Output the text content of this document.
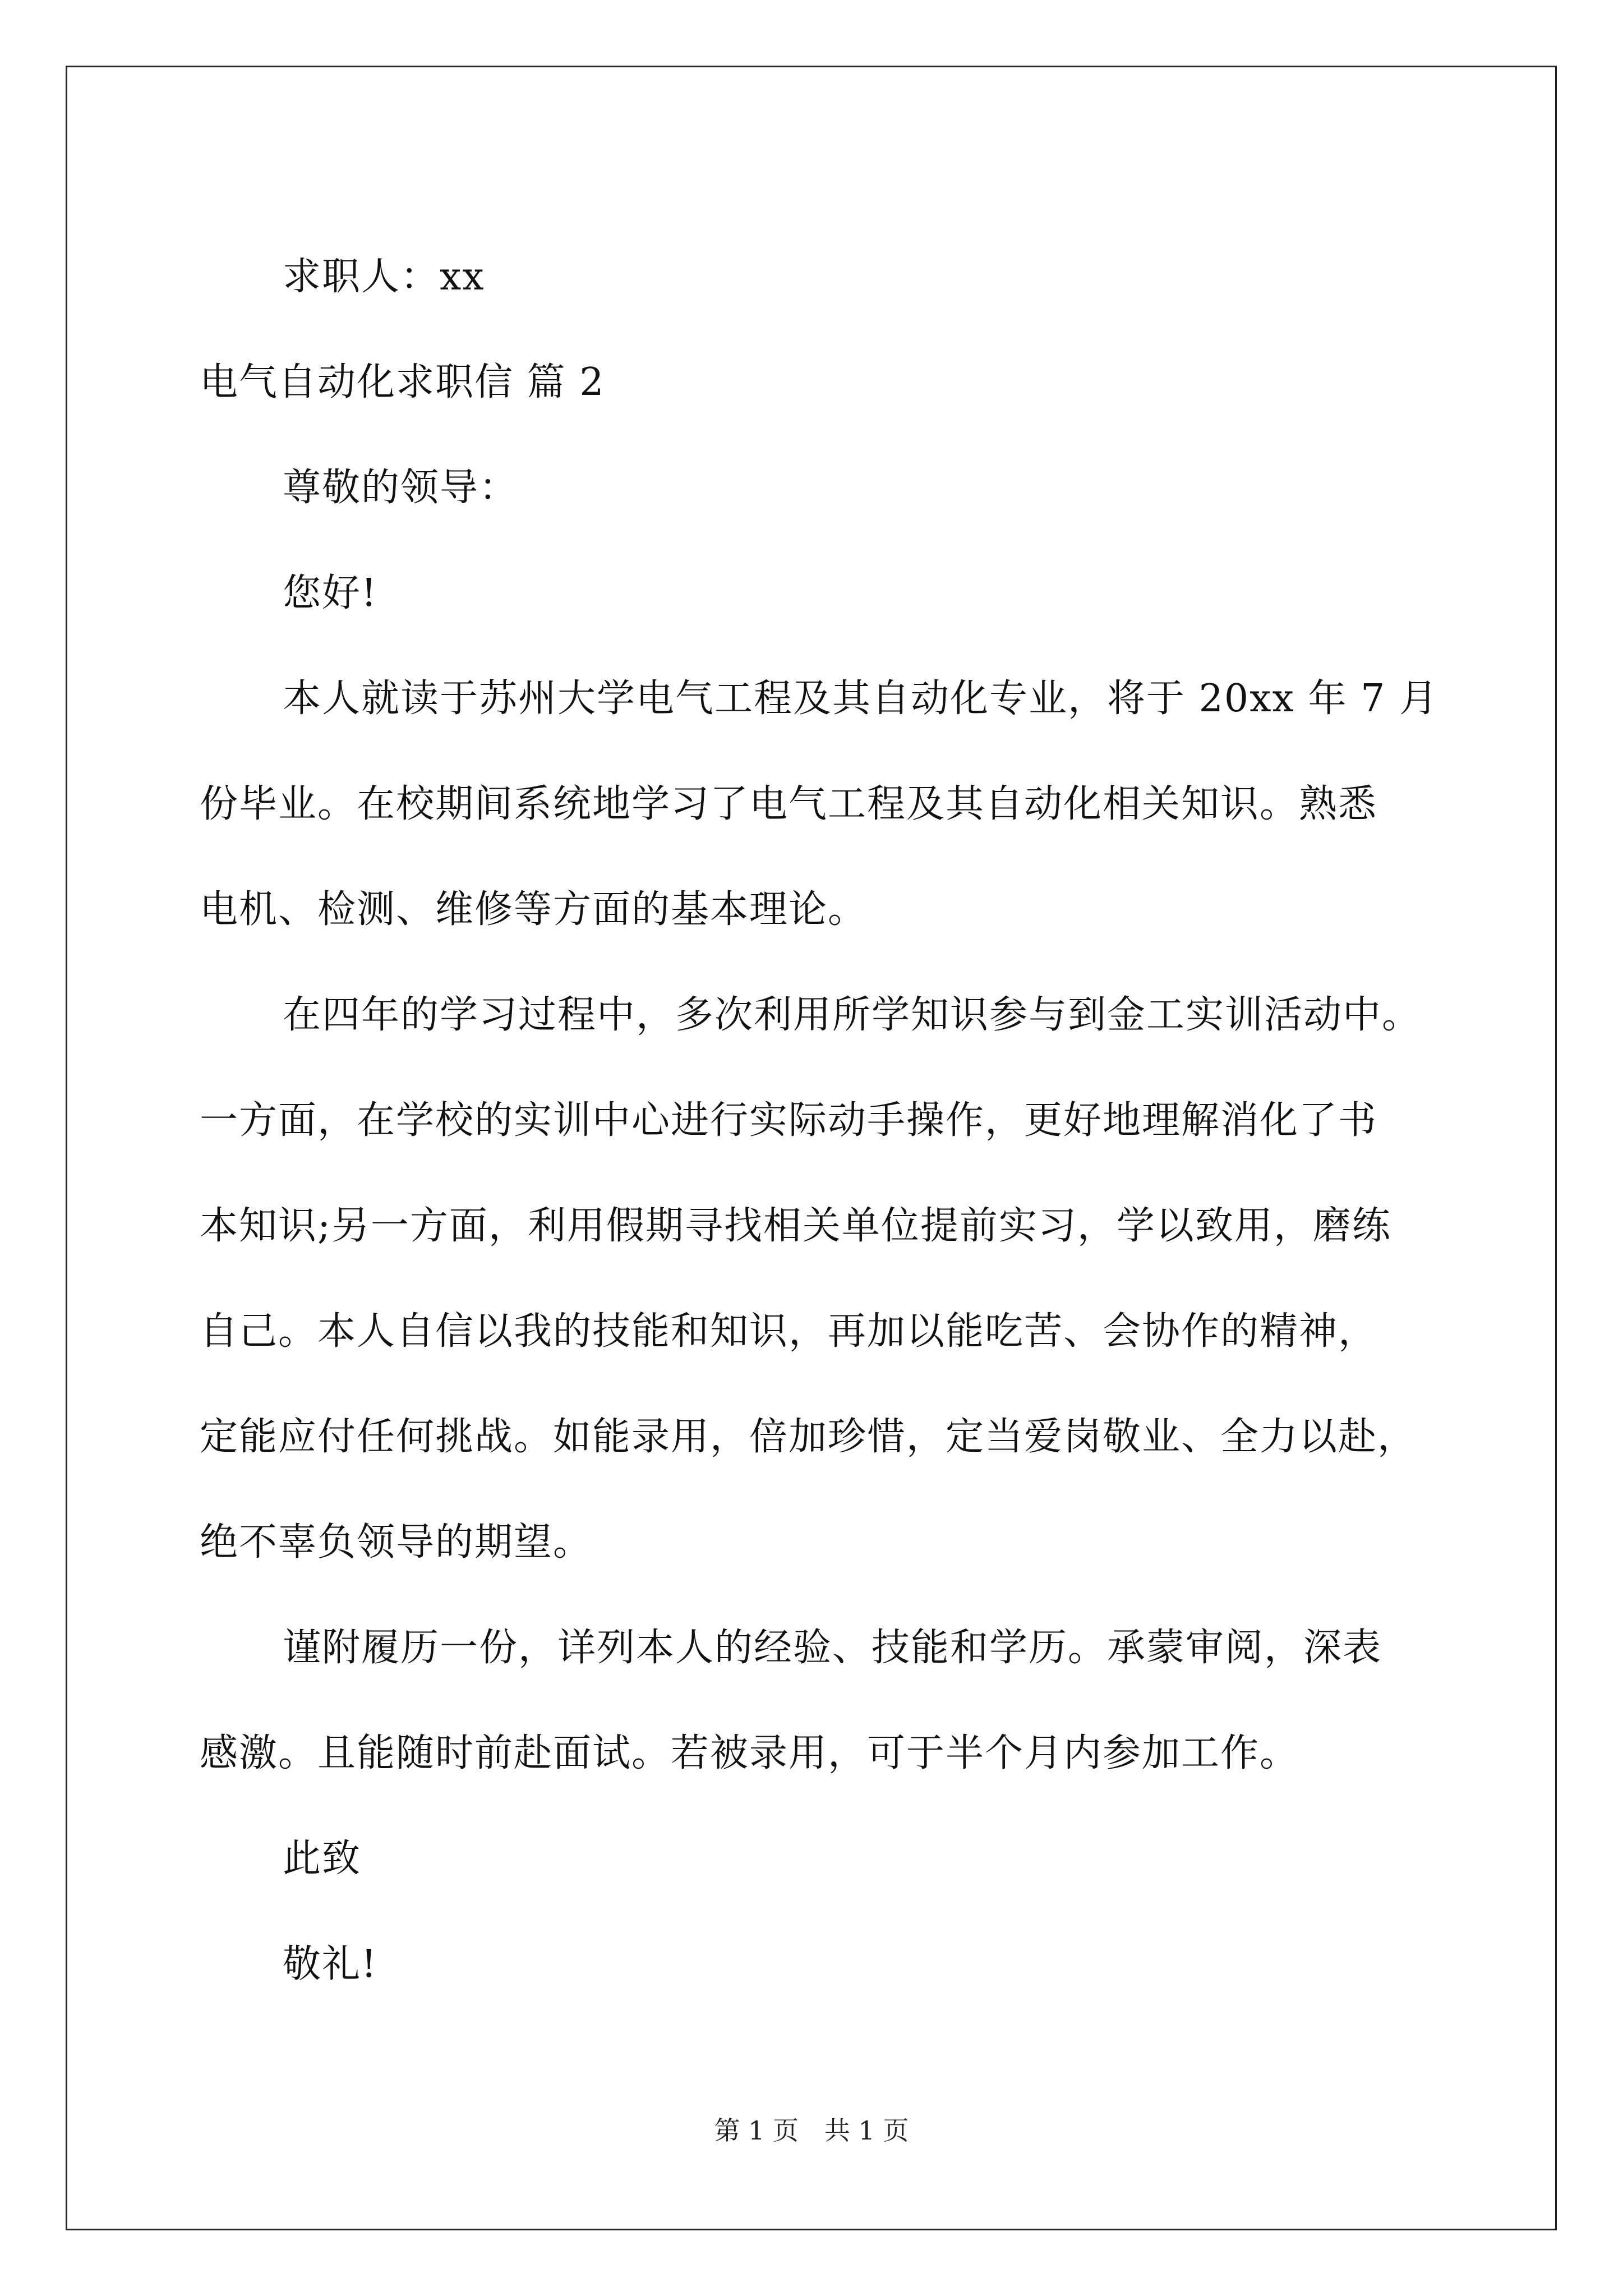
求职人：xx
电气自动化求职信 篇 2
尊敬的领导：
您好!
本人就读于苏州大学电气工程及其自动化专业，将于 20xx 年 7 月
份毕业。在校期间系统地学习了电气工程及其自动化相关知识。熟悉
电机、检测、维修等方面的基本理论。
在四年的学习过程中，多次利用所学知识参与到金工实训活动中。
一方面，在学校的实训中心进行实际动手操作，更好地理解消化了书
本知识;另一方面，利用假期寻找相关单位提前实习，学以致用，磨练
自己。本人自信以我的技能和知识，再加以能吃苦、会协作的精神，
定能应付任何挑战。如能录用，倍加珍惜，定当爱岗敬业、全力以赴，
绝不辜负领导的期望。
谨附履历一份，详列本人的经验、技能和学历。承蒙审阅，深表
感激。且能随时前赴面试。若被录用，可于半个月内参加工作。
此致
敬礼!
第 1 页　共 1 页
